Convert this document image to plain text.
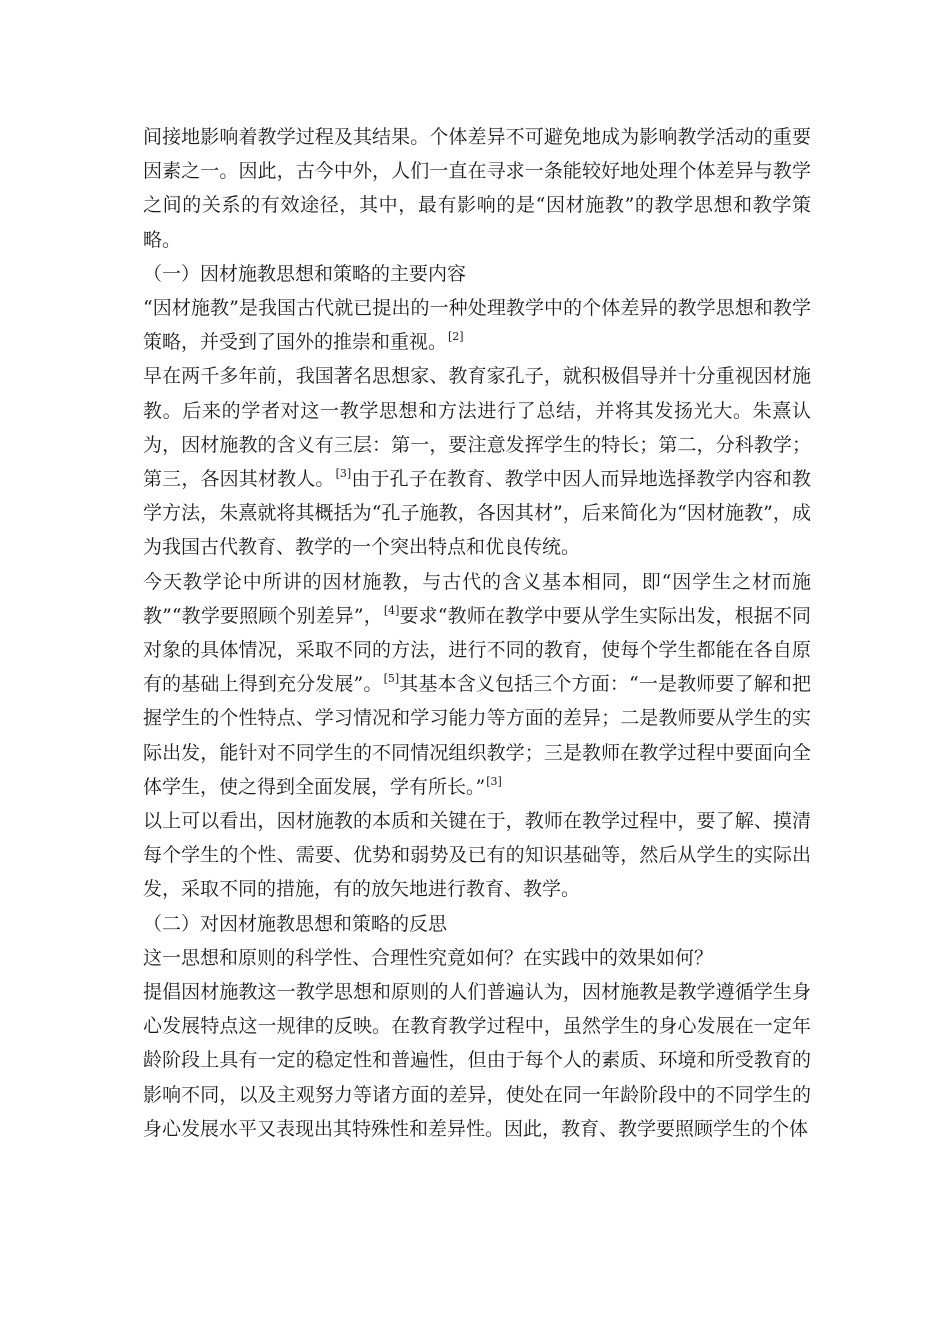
间接地影响着教学过程及其结果。个体差异不可避免地成为影响教学活动的重要因素之一。因此，古今中外，人们一直在寻求一条能较好地处理个体差异与教学之间的关系的有效途径，其中，最有影响的是“因材施教”的教学思想和教学策略。

（一）因材施教思想和策略的主要内容

“因材施教”是我国古代就已提出的一种处理教学中的个体差异的教学思想和教学策略，并受到了国外的推崇和重视。[2]

早在两千多年前，我国著名思想家、教育家孔子，就积极倡导并十分重视因材施教。后来的学者对这一教学思想和方法进行了总结，并将其发扬光大。朱熹认为，因材施教的含义有三层：第一，要注意发挥学生的特长；第二，分科教学；第三，各因其材教人。[3]由于孔子在教育、教学中因人而异地选择教学内容和教学方法，朱熹就将其概括为“孔子施教，各因其材”，后来简化为“因材施教”，成为我国古代教育、教学的一个突出特点和优良传统。

今天教学论中所讲的因材施教，与古代的含义基本相同，即“因学生之材而施教”“教学要照顾个别差异”，[4]要求“教师在教学中要从学生实际出发，根据不同对象的具体情况，采取不同的方法，进行不同的教育，使每个学生都能在各自原有的基础上得到充分发展”。[5]其基本含义包括三个方面：“一是教师要了解和把握学生的个性特点、学习情况和学习能力等方面的差异；二是教师要从学生的实际出发，能针对不同学生的不同情况组织教学；三是教师在教学过程中要面向全体学生，使之得到全面发展，学有所长。”[3]

以上可以看出，因材施教的本质和关键在于，教师在教学过程中，要了解、摸清每个学生的个性、需要、优势和弱势及已有的知识基础等，然后从学生的实际出发，采取不同的措施，有的放矢地进行教育、教学。

（二）对因材施教思想和策略的反思

这一思想和原则的科学性、合理性究竟如何？在实践中的效果如何？

提倡因材施教这一教学思想和原则的人们普遍认为，因材施教是教学遵循学生身心发展特点这一规律的反映。在教育教学过程中，虽然学生的身心发展在一定年龄阶段上具有一定的稳定性和普遍性，但由于每个人的素质、环境和所受教育的影响不同，以及主观努力等诸方面的差异，使处在同一年龄阶段中的不同学生的身心发展水平又表现出其特殊性和差异性。因此，教育、教学要照顾学生的个体
